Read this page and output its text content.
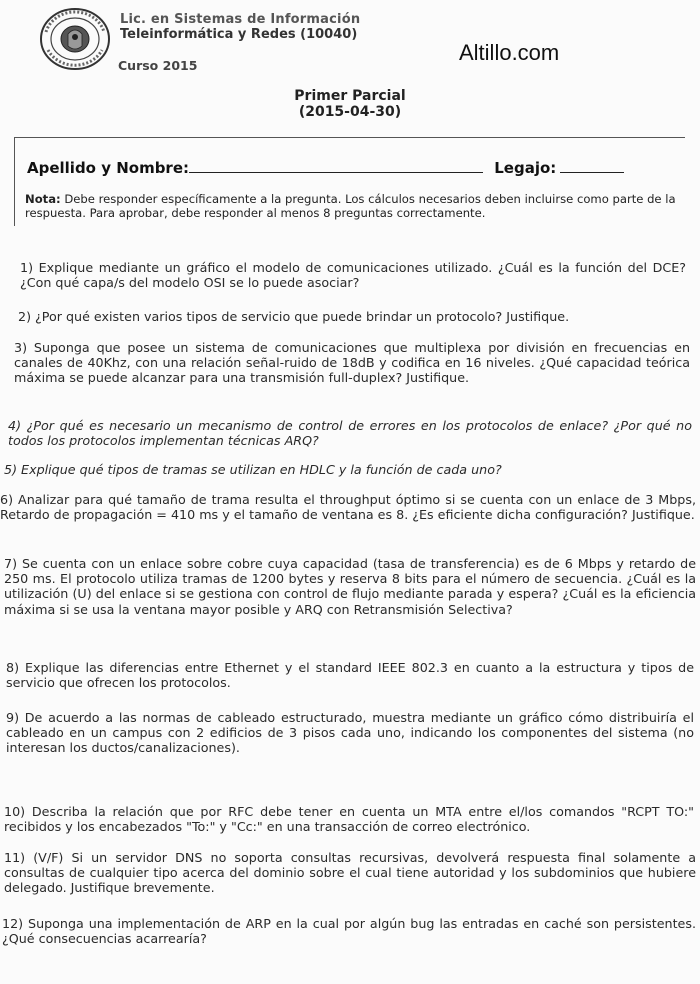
Lic. en Sistemas de Información
Teleinformática y Redes (10040)
Curso 2015
Altillo.com
Primer Parcial
(2015-04-30)
Apellido y Nombre:	Legajo:
Nota: Debe responder específicamente a la pregunta. Los cálculos necesarios deben incluirse como parte de la respuesta. Para aprobar, debe responder al menos 8 preguntas correctamente.
1) Explique mediante un gráfico el modelo de comunicaciones utilizado. ¿Cuál es la función del DCE? ¿Con qué capa/s del modelo OSI se lo puede asociar?
2) ¿Por qué existen varios tipos de servicio que puede brindar un protocolo? Justifique.
3) Suponga que posee un sistema de comunicaciones que multiplexa por división en frecuencias en canales de 40Khz, con una relación señal-ruido de 18dB y codifica en 16 niveles. ¿Qué capacidad teórica máxima se puede alcanzar para una transmisión full-duplex? Justifique.
4) ¿Por qué es necesario un mecanismo de control de errores en los protocolos de enlace? ¿Por qué no todos los protocolos implementan técnicas ARQ?
5) Explique qué tipos de tramas se utilizan en HDLC y la función de cada uno?
6) Analizar para qué tamaño de trama resulta el throughput óptimo si se cuenta con un enlace de 3 Mbps, Retardo de propagación = 410 ms y el tamaño de ventana es 8. ¿Es eficiente dicha configuración? Justifique.
7) Se cuenta con un enlace sobre cobre cuya capacidad (tasa de transferencia) es de 6 Mbps y retardo de 250 ms. El protocolo utiliza tramas de 1200 bytes y reserva 8 bits para el número de secuencia. ¿Cuál es la utilización (U) del enlace si se gestiona con control de flujo mediante parada y espera? ¿Cuál es la eficiencia máxima si se usa la ventana mayor posible y ARQ con Retransmisión Selectiva?
8) Explique las diferencias entre Ethernet y el standard IEEE 802.3 en cuanto a la estructura y tipos de servicio que ofrecen los protocolos.
9) De acuerdo a las normas de cableado estructurado, muestra mediante un gráfico cómo distribuiría el cableado en un campus con 2 edificios de 3 pisos cada uno, indicando los componentes del sistema (no interesan los ductos/canalizaciones).
10) Describa la relación que por RFC debe tener en cuenta un MTA entre el/los comandos "RCPT TO:" recibidos y los encabezados "To:" y "Cc:" en una transacción de correo electrónico.
11) (V/F) Si un servidor DNS no soporta consultas recursivas, devolverá respuesta final solamente a consultas de cualquier tipo acerca del dominio sobre el cual tiene autoridad y los subdominios que hubiere delegado. Justifique brevemente.
12) Suponga una implementación de ARP en la cual por algún bug las entradas en caché son persistentes. ¿Qué consecuencias acarrearía?
